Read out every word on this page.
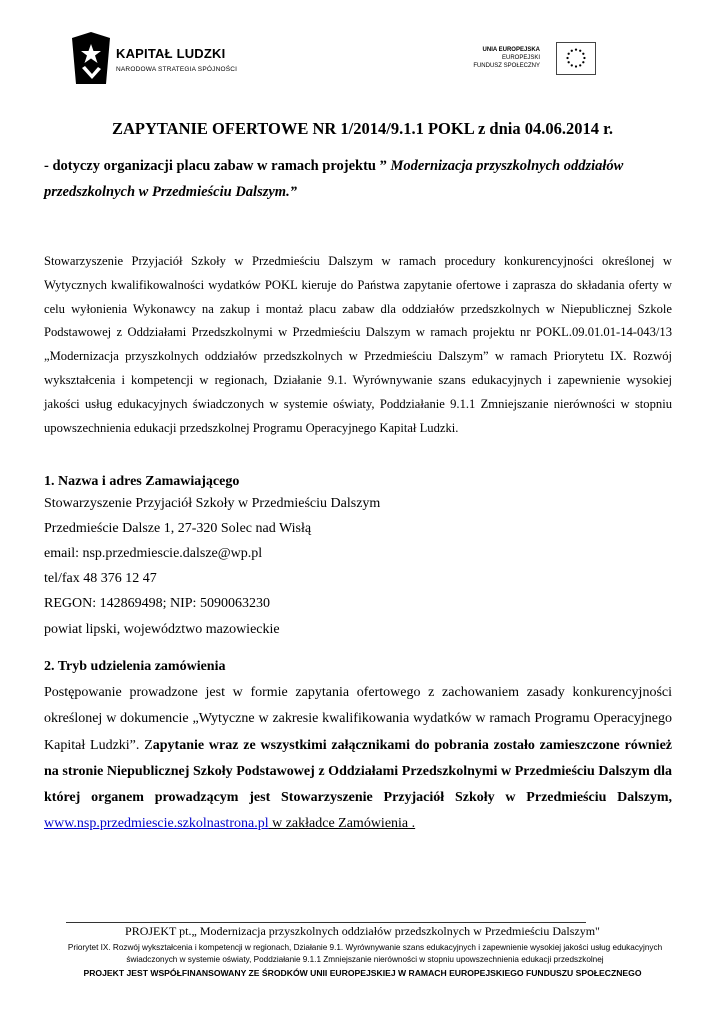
KAPITAŁ LUDZKI
NARODOWA STRATEGIA SPÓJNOŚCI
UNIA EUROPEJSKA
EUROPEJSKI
FUNDUSZ SPOŁECZNY
ZAPYTANIE OFERTOWE NR 1/2014/9.1.1 POKL z dnia 04.06.2014 r.
- dotyczy organizacji placu zabaw w ramach projektu ” Modernizacja przyszkolnych oddziałów przedszkolnych w Przedmieściu Dalszym.”
Stowarzyszenie Przyjaciół Szkoły w Przedmieściu Dalszym w ramach procedury konkurencyjności określonej w Wytycznych kwalifikowalności wydatków POKL kieruje do Państwa zapytanie ofertowe i zaprasza do składania oferty w celu wyłonienia Wykonawcy na zakup i montaż placu zabaw dla oddziałów przedszkolnych w Niepublicznej Szkole Podstawowej z Oddziałami Przedszkolnymi w Przedmieściu Dalszym w ramach projektu nr POKL.09.01.01-14-043/13 „Modernizacja przyszkolnych oddziałów przedszkolnych w Przedmieściu Dalszym” w ramach Priorytetu IX. Rozwój wykształcenia i kompetencji w regionach, Działanie 9.1. Wyrównywanie szans edukacyjnych i zapewnienie wysokiej jakości usług edukacyjnych świadczonych w systemie oświaty, Poddziałanie 9.1.1 Zmniejszanie nierówności w stopniu upowszechnienia edukacji przedszkolnej Programu Operacyjnego Kapitał Ludzki.
1. Nazwa i adres Zamawiającego
Stowarzyszenie Przyjaciół Szkoły w Przedmieściu Dalszym
Przedmieście Dalsze 1, 27-320 Solec nad Wisłą
email: nsp.przedmiescie.dalsze@wp.pl
tel/fax 48 376 12 47
REGON: 142869498; NIP: 5090063230
powiat lipski, województwo mazowieckie
2. Tryb udzielenia zamówienia
Postępowanie prowadzone jest w formie zapytania ofertowego z zachowaniem zasady konkurencyjności określonej w dokumencie „Wytyczne w zakresie kwalifikowania wydatków w ramach Programu Operacyjnego Kapitał Ludzki”. Zapytanie wraz ze wszystkimi załącznikami do pobrania zostało zamieszczone również na stronie Niepublicznej Szkoły Podstawowej z Oddziałami Przedszkolnymi w Przedmieściu Dalszym dla której organem prowadzącym jest Stowarzyszenie Przyjaciół Szkoły w Przedmieściu Dalszym, www.nsp.przedmiescie.szkolnastrona.pl w zakładce Zamówienia .
PROJEKT pt.„ Modernizacja przyszkolnych oddziałów przedszkolnych w Przedmieściu Dalszym"
Priorytet IX. Rozwój wykształcenia i kompetencji w regionach, Działanie 9.1. Wyrównywanie szans edukacyjnych i zapewnienie wysokiej jakości usług edukacyjnych świadczonych w systemie oświaty, Poddziałanie 9.1.1 Zmniejszanie nierówności w stopniu upowszechnienia edukacji przedszkolnej
PROJEKT JEST WSPÓŁFINANSOWANY ZE ŚRODKÓW UNII EUROPEJSKIEJ W RAMACH EUROPEJSKIEGO FUNDUSZU SPOŁECZNEGO
